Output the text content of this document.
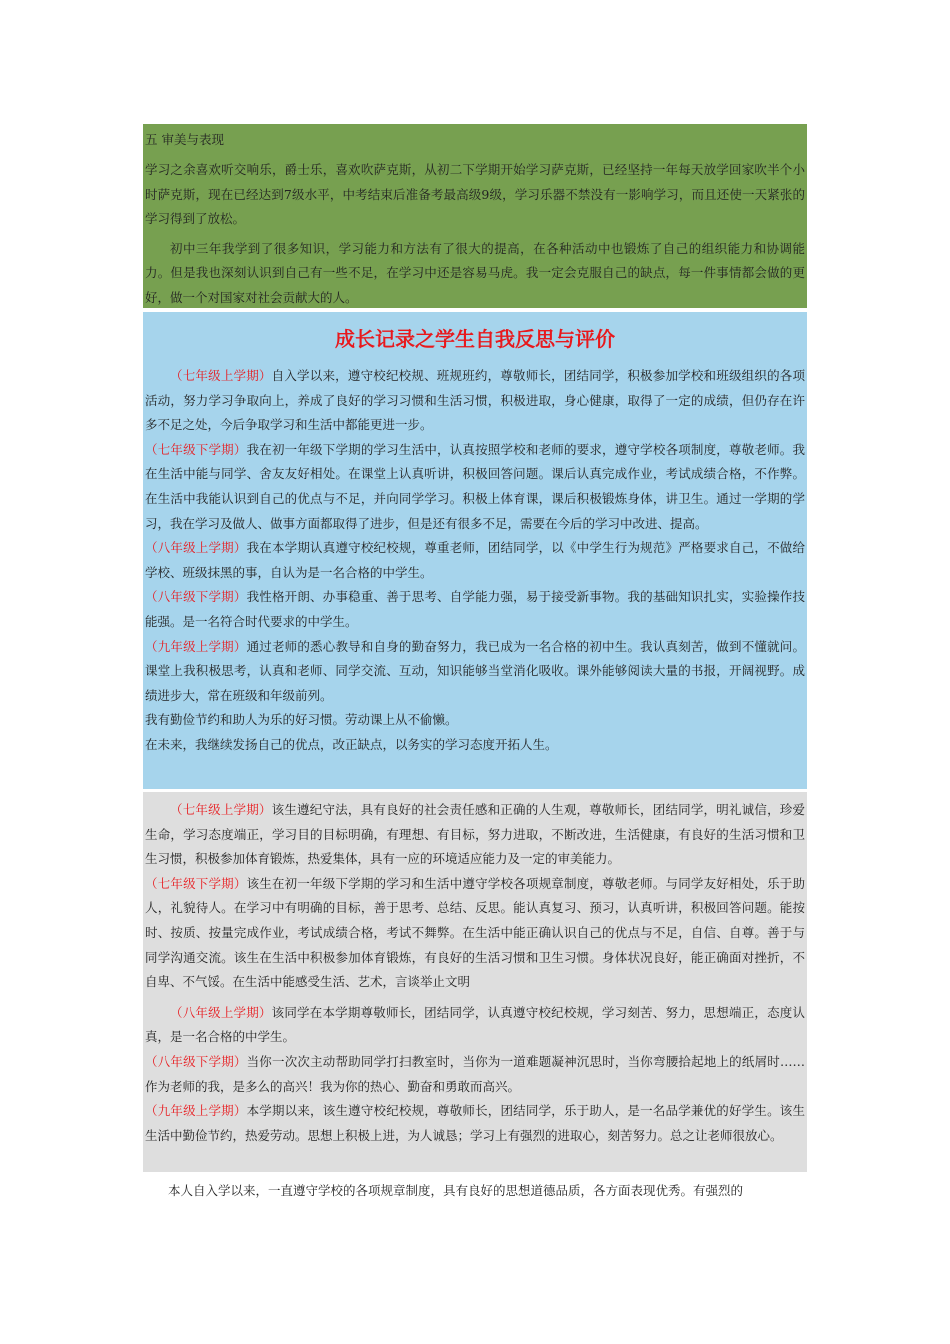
五 审美与表现

学习之余喜欢听交响乐，爵士乐，喜欢吹萨克斯，从初二下学期开始学习萨克斯，已经坚持一年每天放学回家吹半个小时萨克斯，现在已经达到7级水平，中考结束后准备考最高级9级，学习乐器不禁没有一影响学习，而且还使一天紧张的学习得到了放松。

初中三年我学到了很多知识，学习能力和方法有了很大的提高，在各种活动中也锻炼了自己的组织能力和协调能力。但是我也深刻认识到自己有一些不足，在学习中还是容易马虎。我一定会克服自己的缺点，每一件事情都会做的更好，做一个对国家对社会贡献大的人。

成长记录之学生自我反思与评价

（七年级上学期）自入学以来，遵守校纪校规、班规班约，尊敬师长，团结同学，积极参加学校和班级组织的各项活动，努力学习争取向上，养成了良好的学习习惯和生活习惯，积极进取，身心健康，取得了一定的成绩，但仍存在许多不足之处，今后争取学习和生活中都能更进一步。

（七年级下学期）我在初一年级下学期的学习生活中，认真按照学校和老师的要求，遵守学校各项制度，尊敬老师。我在生活中能与同学、舍友友好相处。在课堂上认真听讲，积极回答问题。课后认真完成作业，考试成绩合格，不作弊。在生活中我能认识到自己的优点与不足，并向同学学习。积极上体育课，课后积极锻炼身体，讲卫生。通过一学期的学习，我在学习及做人、做事方面都取得了进步，但是还有很多不足，需要在今后的学习中改进、提高。

（八年级上学期）我在本学期认真遵守校纪校规，尊重老师，团结同学，以《中学生行为规范》严格要求自己，不做给学校、班级抹黑的事，自认为是一名合格的中学生。

（八年级下学期）我性格开朗、办事稳重、善于思考、自学能力强，易于接受新事物。我的基础知识扎实，实验操作技能强。是一名符合时代要求的中学生。

（九年级上学期）通过老师的悉心教导和自身的勤奋努力，我已成为一名合格的初中生。我认真刻苦，做到不懂就问。课堂上我积极思考，认真和老师、同学交流、互动，知识能够当堂消化吸收。课外能够阅读大量的书报，开阔视野。成绩进步大，常在班级和年级前列。

我有勤俭节约和助人为乐的好习惯。劳动课上从不偷懒。

在未来，我继续发扬自己的优点，改正缺点，以务实的学习态度开拓人生。

（七年级上学期）该生遵纪守法，具有良好的社会责任感和正确的人生观，尊敬师长，团结同学，明礼诚信，珍爱生命，学习态度端正，学习目的目标明确，有理想、有目标，努力进取，不断改进，生活健康，有良好的生活习惯和卫生习惯，积极参加体育锻炼，热爱集体，具有一应的环境适应能力及一定的审美能力。

（七年级下学期）该生在初一年级下学期的学习和生活中遵守学校各项规章制度，尊敬老师。与同学友好相处，乐于助人，礼貌待人。在学习中有明确的目标，善于思考、总结、反思。能认真复习、预习，认真听讲，积极回答问题。能按时、按质、按量完成作业，考试成绩合格，考试不舞弊。在生活中能正确认识自己的优点与不足，自信、自尊。善于与同学沟通交流。该生在生活中积极参加体育锻炼，有良好的生活习惯和卫生习惯。身体状况良好，能正确面对挫折，不自卑、不气馁。在生活中能感受生活、艺术，言谈举止文明

（八年级上学期）该同学在本学期尊敬师长，团结同学，认真遵守校纪校规，学习刻苦、努力，思想端正，态度认真，是一名合格的中学生。

（八年级下学期）当你一次次主动帮助同学打扫教室时，当你为一道难题凝神沉思时，当你弯腰拾起地上的纸屑时……作为老师的我，是多么的高兴！我为你的热心、勤奋和勇敢而高兴。

（九年级上学期）本学期以来，该生遵守校纪校规，尊敬师长，团结同学，乐于助人，是一名品学兼优的好学生。该生生活中勤俭节约，热爱劳动。思想上积极上进，为人诚恳；学习上有强烈的进取心，刻苦努力。总之让老师很放心。

本人自入学以来，一直遵守学校的各项规章制度，具有良好的思想道德品质，各方面表现优秀。有强烈的
